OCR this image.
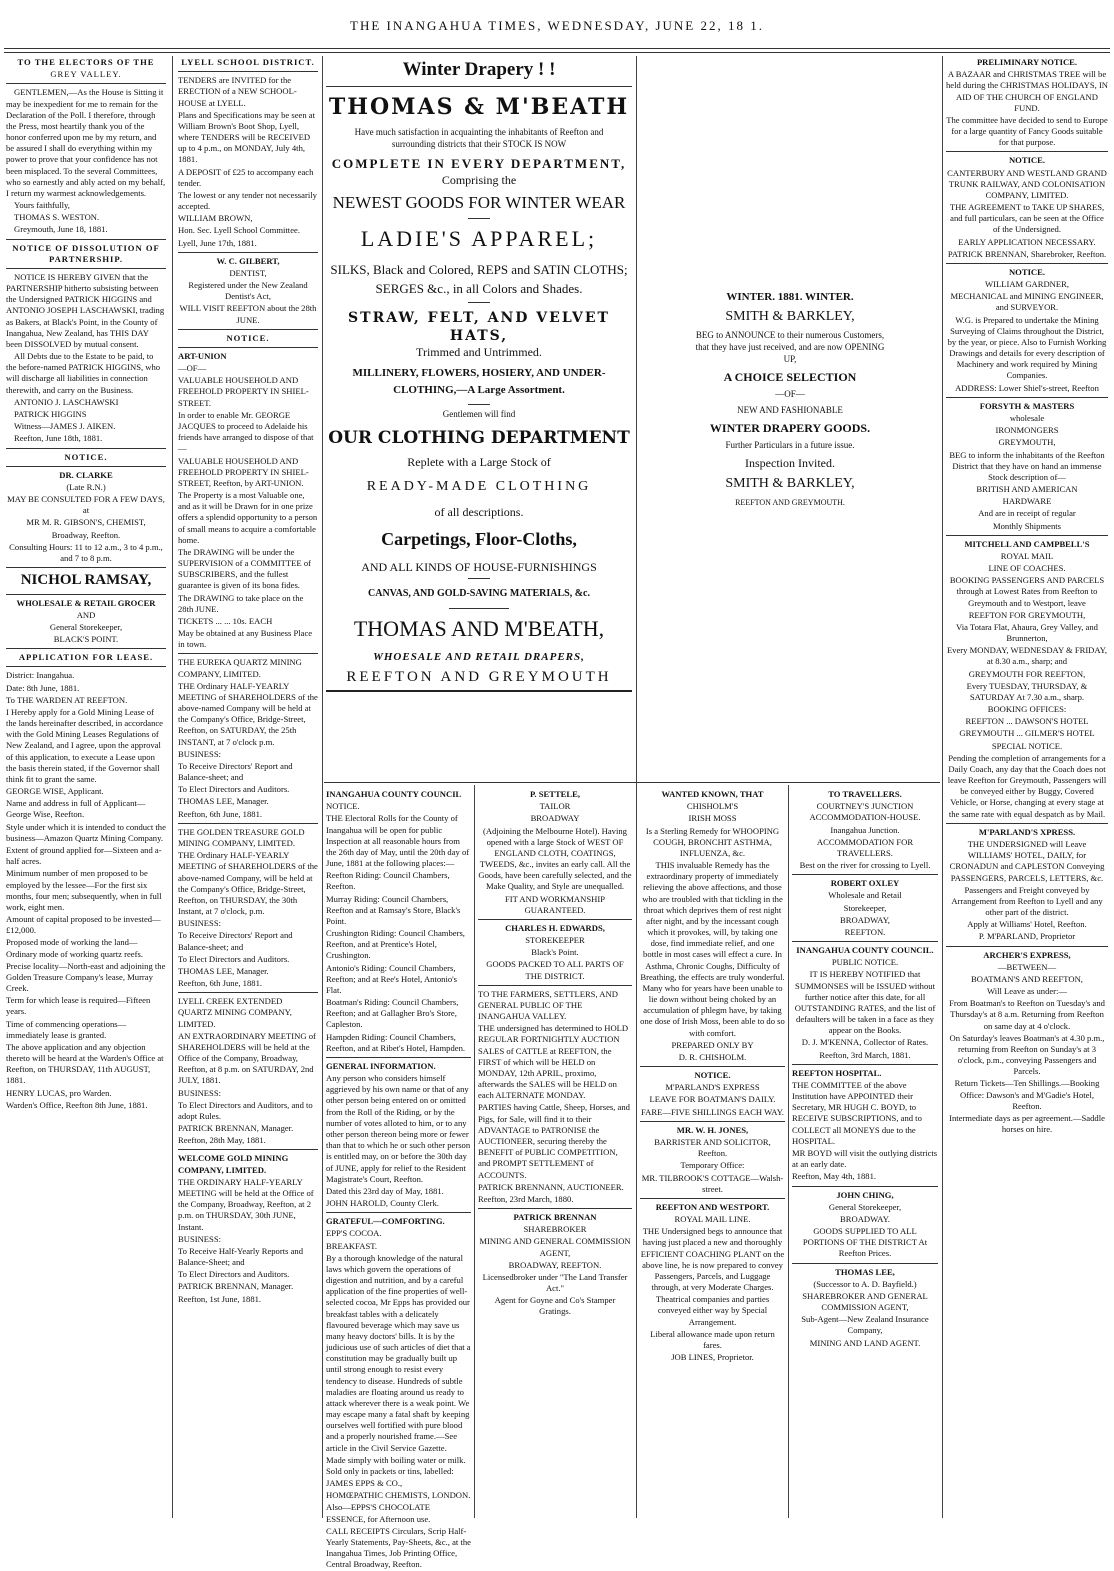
THE INANGAHUA TIMES, WEDNESDAY, JUNE 22, 18 1.

TO THE ELECTORS OF THE

GREY VALLEY.

GENTLEMEN,—As the House is Sitting it may be inexpedient for me to remain for the Declaration of the Poll. I therefore, through the Press, most heartily thank you of the honor conferred upon me by my return, and be assured I shall do everything within my power to prove that your confidence has not been misplaced. To the several Committees, who so earnestly and ably acted on my behalf, I return my warmest acknowledgements.

Yours faithfully,

THOMAS S. WESTON.

Greymouth, June 18, 1881.

NOTICE OF DISSOLUTION OF PARTNERSHIP.

NOTICE IS HEREBY GIVEN that the PARTNERSHIP hitherto subsisting between the Undersigned PATRICK HIGGINS and ANTONIO JOSEPH LASCHAWSKI, trading as Bakers, at Black's Point, in the County of Inangahua, New Zealand, has THIS DAY been DISSOLVED by mutual consent.

All Debts due to the Estate to be paid, to the before-named PATRICK HIGGINS, who will discharge all liabilities in connection therewith, and carry on the Business.

ANTONIO J. LASCHAWSKI

PATRICK HIGGINS

Witness—JAMES J. AIKEN.

Reefton, June 18th, 1881.

NOTICE.

DR. CLARKE

(Late R.N.)

MAY BE CONSULTED FOR A FEW DAYS, at

MR M. R. GIBSON'S, CHEMIST,

Broadway, Reefton.

Consulting Hours: 11 to 12 a.m., 3 to 4 p.m., and 7 to 8 p.m.

NICHOL RAMSAY,

WHOLESALE & RETAIL GROCER

AND

General Storekeeper,

BLACK'S POINT.

APPLICATION FOR LEASE.

District: Inangahua.

Date: 8th June, 1881.

To THE WARDEN AT REEFTON.

I Hereby apply for a Gold Mining Lease of the lands hereinafter described, in accordance with the Gold Mining Leases Regulations of New Zealand, and I agree, upon the approval of this application, to execute a Lease upon the basis therein stated, if the Governor shall think fit to grant the same.

GEORGE WISE, Applicant.

Name and address in full of Applicant—George Wise, Reefton.

Style under which it is intended to conduct the business—Amazon Quartz Mining Company.

Extent of ground applied for—Sixteen and a-half acres.

Minimum number of men proposed to be employed by the lessee—For the first six months, four men; subsequently, when in full work, eight men.

Amount of capital proposed to be invested—£12,000.

Proposed mode of working the land—Ordinary mode of working quartz reefs.

Precise locality—North-east and adjoining the Golden Treasure Company's lease, Murray Creek.

Term for which lease is required—Fifteen years.

Time of commencing operations—immediately lease is granted.

The above application and any objection thereto will be heard at the Warden's Office at Reefton, on THURSDAY, 11th AUGUST, 1881.

HENRY LUCAS, pro Warden.

Warden's Office, Reefton 8th June, 1881.

LYELL SCHOOL DISTRICT.

TENDERS are INVITED for the ERECTION of a NEW SCHOOL-HOUSE at LYELL.

Plans and Specifications may be seen at William Brown's Boot Shop, Lyell, where TENDERS will be RECEIVED up to 4 p.m., on MONDAY, July 4th, 1881.

A DEPOSIT of £25 to accompany each tender.

The lowest or any tender not necessarily accepted.

WILLIAM BROWN,

Hon. Sec. Lyell School Committee.

Lyell, June 17th, 1881.

W. C. GILBERT,

DENTIST,

Registered under the New Zealand Dentist's Act,

WILL VISIT REEFTON about the 28th JUNE.

NOTICE.

ART-UNION

—OF—

VALUABLE HOUSEHOLD AND FREEHOLD PROPERTY IN SHIEL-STREET.

In order to enable Mr. GEORGE JACQUES to proceed to Adelaide his friends have arranged to dispose of that—

VALUABLE HOUSEHOLD AND FREEHOLD PROPERTY IN SHIEL-STREET, Reefton, by ART-UNION.

The Property is a most Valuable one, and as it will be Drawn for in one prize offers a splendid opportunity to a person of small means to acquire a comfortable home.

The DRAWING will be under the SUPERVISION of a COMMITTEE of SUBSCRIBERS, and the fullest guarantee is given of its bona fides.

The DRAWING to take place on the 28th JUNE.

TICKETS ... ... 10s. EACH

May be obtained at any Business Place in town.

THE EUREKA QUARTZ MINING COMPANY, LIMITED.

THE Ordinary HALF-YEARLY MEETING of SHAREHOLDERS of the above-named Company will be held at the Company's Office, Bridge-Street, Reefton, on SATURDAY, the 25th INSTANT, at 7 o'clock p.m.

BUSINESS:

To Receive Directors' Report and Balance-sheet; and

To Elect Directors and Auditors.

THOMAS LEE, Manager.

Reefton, 6th June, 1881.

THE GOLDEN TREASURE GOLD MINING COMPANY, LIMITED.

THE Ordinary HALF-YEARLY MEETING of SHAREHOLDERS of the above-named Company, will be held at the Company's Office, Bridge-Street, Reefton, on THURSDAY, the 30th Instant, at 7 o'clock, p.m.

BUSINESS:

To Receive Directors' Report and Balance-sheet; and

To Elect Directors and Auditors.

THOMAS LEE, Manager.

Reefton, 6th June, 1881.

LYELL CREEK EXTENDED QUARTZ MINING COMPANY, LIMITED.

AN EXTRAORDINARY MEETING of SHAREHOLDERS will be held at the Office of the Company, Broadway, Reefton, at 8 p.m. on SATURDAY, 2nd JULY, 1881.

BUSINESS:

To Elect Directors and Auditors, and to adopt Rules.

PATRICK BRENNAN, Manager.

Reefton, 28th May, 1881.

WELCOME GOLD MINING COMPANY, LIMITED.

THE ORDINARY HALF-YEARLY MEETING will be held at the Office of the Company, Broadway, Reefton, at 2 p.m. on THURSDAY, 30th JUNE, Instant.

BUSINESS:

To Receive Half-Yearly Reports and Balance-Sheet; and

To Elect Directors and Auditors.

PATRICK BRENNAN, Manager.

Reefton, 1st June, 1881.

Winter Drapery ! !
THOMAS & M'BEATH
Have much satisfaction in acquainting the inhabitants of Reefton and surrounding districts that their STOCK IS NOW
COMPLETE IN EVERY DEPARTMENT,
Comprising the
NEWEST GOODS FOR WINTER WEAR
LADIE'S APPAREL;
SILKS, Black and Colored, REPS and SATIN CLOTHS; SERGES &c., in all Colors and Shades.
STRAW, FELT, AND VELVET HATS,
Trimmed and Untrimmed.
MILLINERY, FLOWERS, HOSIERY, AND UNDER-CLOTHING,—A Large Assortment.
Gentlemen will find
OUR CLOTHING DEPARTMENT
Replete with a Large Stock of
READY-MADE CLOTHING
of all descriptions.
Carpetings, Floor-Cloths,
AND ALL KINDS OF HOUSE-FURNISHINGS
CANVAS, AND GOLD-SAVING MATERIALS, &c.
THOMAS AND M'BEATH,
WHOESALE AND RETAIL DRAPERS,
REEFTON AND GREYMOUTH

WINTER. 1881. WINTER.

SMITH & BARKLEY,

BEG to ANNOUNCE to their numerous Customers, that they have just received, and are now OPENING UP,

A CHOICE SELECTION

—OF—

NEW AND FASHIONABLE

WINTER DRAPERY GOODS.

Further Particulars in a future issue.

Inspection Invited.

SMITH & BARKLEY,

REEFTON AND GREYMOUTH.

INANGAHUA COUNTY COUNCIL

NOTICE.

THE Electoral Rolls for the County of Inangahua will be open for public Inspection at all reasonable hours from the 26th day of May, until the 20th day of June, 1881 at the following places:—

Reefton Riding: Council Chambers, Reefton.

Murray Riding: Council Chambers, Reefton and at Ramsay's Store, Black's Point.

Crushington Riding: Council Chambers, Reefton, and at Prentice's Hotel, Crushington.

Antonio's Riding: Council Chambers, Reefton; and at Ree's Hotel, Antonio's Flat.

Boatman's Riding: Council Chambers, Reefton; and at Gallagher Bro's Store, Capleston.

Hampden Riding: Council Chambers, Reefton, and at Ribet's Hotel, Hampden.

GENERAL INFORMATION.

Any person who considers himself aggrieved by his own name or that of any other person being entered on or omitted from the Roll of the Riding, or by the number of votes alloted to him, or to any other person thereon being more or fewer than that to which he or such other person is entitled may, on or before the 30th day of JUNE, apply for relief to the Resident Magistrate's Court, Reefton.

Dated this 23rd day of May, 1881.

JOHN HAROLD, County Clerk.

GRATEFUL—COMFORTING.

EPP'S COCOA.

BREAKFAST.

By a thorough knowledge of the natural laws which govern the operations of digestion and nutrition, and by a careful application of the fine properties of well-selected cocoa, Mr Epps has provided our breakfast tables with a delicately flavoured beverage which may save us many heavy doctors' bills. It is by the judicious use of such articles of diet that a constitution may be gradually built up until strong enough to resist every tendency to disease. Hundreds of subtle maladies are floating around us ready to attack wherever there is a weak point. We may escape many a fatal shaft by keeping ourselves well fortified with pure blood and a properly nourished frame.—See article in the Civil Service Gazette.

Made simply with boiling water or milk. Sold only in packets or tins, labelled:

JAMES EPPS & CO.,

HOMŒPATHIC CHEMISTS, LONDON.

Also—EPPS'S CHOCOLATE ESSENCE, for Afternoon use.

CALL RECEIPTS Circulars, Scrip Half-Yearly Statements, Pay-Sheets, &c., at the Inangahua Times, Job Printing Office, Central Broadway, Reefton.

P. SETTELE,

TAILOR

BROADWAY

(Adjoining the Melbourne Hotel). Having opened with a large Stock of WEST OF ENGLAND CLOTH, COATINGS, TWEEDS, &c., invites an early call. All the Goods, have been carefully selected, and the Make Quality, and Style are unequalled.

FIT AND WORKMANSHIP GUARANTEED.

CHARLES H. EDWARDS,

STOREKEEPER

Black's Point.

GOODS PACKED TO ALL PARTS OF THE DISTRICT.

TO THE FARMERS, SETTLERS, AND GENERAL PUBLIC OF THE INANGAHUA VALLEY.

THE undersigned has determined to HOLD REGULAR FORTNIGHTLY AUCTION SALES of CATTLE at REEFTON, the FIRST of which will be HELD on MONDAY, 12th APRIL, proximo, afterwards the SALES will be HELD on each ALTERNATE MONDAY.

PARTIES having Cattle, Sheep, Horses, and Pigs, for Sale, will find it to their ADVANTAGE to PATRONISE the AUCTIONEER, securing thereby the BENEFIT of PUBLIC COMPETITION, and PROMPT SETTLEMENT of ACCOUNTS.

PATRICK BRENNANN, AUCTIONEER.

Reefton, 23rd March, 1880.

PATRICK BRENNAN

SHAREBROKER

MINING AND GENERAL COMMISSION AGENT,

BROADWAY, REEFTON.

Licensedbroker under "The Land Transfer Act."

Agent for Goyne and Co's Stamper Gratings.

WANTED KNOWN, THAT

CHISHOLM'S

IRISH MOSS

Is a Sterling Remedy for WHOOPING COUGH, BRONCHIT ASTHMA, INFLUENZA, &c.

THIS invaluable Remedy has the extraordinary property of immediately relieving the above affections, and those who are troubled with that tickling in the throat which deprives them of rest night after night, and by the incessant cough which it provokes, will, by taking one dose, find immediate relief, and one bottle in most cases will effect a cure. In Asthma, Chronic Coughs, Difficulty of Breathing, the effects are truly wonderful. Many who for years have been unable to lie down without being choked by an accumulation of phlegm have, by taking one dose of Irish Moss, been able to do so with comfort.

PREPARED ONLY BY

D. R. CHISHOLM.

NOTICE.

M'PARLAND'S EXPRESS

LEAVE FOR BOATMAN'S DAILY.

FARE—FIVE SHILLINGS EACH WAY.

MR. W. H. JONES,

BARRISTER AND SOLICITOR, Reefton.

Temporary Office:

MR. TILBROOK'S COTTAGE—Walsh-street.

REEFTON AND WESTPORT.

ROYAL MAIL LINE.

THE Undersigned begs to announce that having just placed a new and thoroughly EFFICIENT COACHING PLANT on the above line, he is now prepared to convey Passengers, Parcels, and Luggage through, at very Moderate Charges.

Theatrical companies and parties conveyed either way by Special Arrangement.

Liberal allowance made upon return fares.

JOB LINES, Proprietor.

TO TRAVELLERS.

COURTNEY'S JUNCTION ACCOMMODATION-HOUSE.

Inangahua Junction.

ACCOMMODATION FOR TRAVELLERS.

Best on the river for crossing to Lyell.

ROBERT OXLEY

Wholesale and Retail

Storekeeper,

BROADWAY,

REEFTON.

INANGAHUA COUNTY COUNCIL.

PUBLIC NOTICE.

IT IS HEREBY NOTIFIED that SUMMONSES will be ISSUED without further notice after this date, for all OUTSTANDING RATES, and the list of defaulters will be taken in a face as they appear on the Books.

D. J. M'KENNA, Collector of Rates.

Reefton, 3rd March, 1881.

REEFTON HOSPITAL.

THE COMMITTEE of the above Institution have APPOINTED their Secretary, MR HUGH C. BOYD, to RECEIVE SUBSCRIPTIONS, and to COLLECT all MONEYS due to the HOSPITAL.

MR BOYD will visit the outlying districts at an early date.

Reefton, May 4th, 1881.

JOHN CHING,

General Storekeeper,

BROADWAY.

GOODS SUPPLIED TO ALL PORTIONS OF THE DISTRICT At Reefton Prices.

THOMAS LEE,

(Successor to A. D. Bayfield.)

SHAREBROKER AND GENERAL COMMISSION AGENT,

Sub-Agent—New Zealand Insurance Company,

MINING AND LAND AGENT.

PRELIMINARY NOTICE.

A BAZAAR and CHRISTMAS TREE will be held during the CHRISTMAS HOLIDAYS, IN AID OF THE CHURCH OF ENGLAND FUND.

The committee have decided to send to Europe for a large quantity of Fancy Goods suitable for that purpose.

NOTICE.

CANTERBURY AND WESTLAND GRAND TRUNK RAILWAY, AND COLONISATION COMPANY, LIMITED.

THE AGREEMENT to TAKE UP SHARES, and full particulars, can be seen at the Office of the Undersigned.

EARLY APPLICATION NECESSARY.

PATRICK BRENNAN, Sharebroker, Reefton.

NOTICE.

WILLIAM GARDNER,

MECHANICAL and MINING ENGINEER, and SURVEYOR.

W.G. is Prepared to undertake the Mining Surveying of Claims throughout the District, by the year, or piece. Also to Furnish Working Drawings and details for every description of Machinery and work required by Mining Companies.

ADDRESS: Lower Shiel's-street, Reefton

FORSYTH & MASTERS

wholesale

IRONMONGERS

GREYMOUTH,

BEG to inform the inhabitants of the Reefton District that they have on hand an immense Stock description of—

BRITISH AND AMERICAN

HARDWARE

And are in receipt of regular

Monthly Shipments

MITCHELL AND CAMPBELL'S

ROYAL MAIL

LINE OF COACHES.

BOOKING PASSENGERS AND PARCELS through at Lowest Rates from Reefton to Greymouth and to Westport, leave

REEFTON FOR GREYMOUTH,

Via Totara Flat, Ahaura, Grey Valley, and Brunnerton,

Every MONDAY, WEDNESDAY & FRIDAY, at 8.30 a.m., sharp; and

GREYMOUTH FOR REEFTON,

Every TUESDAY, THURSDAY, & SATURDAY At 7.30 a.m., sharp.

BOOKING OFFICES:

REEFTON ... DAWSON'S HOTEL

GREYMOUTH ... GILMER'S HOTEL

SPECIAL NOTICE.

Pending the completion of arrangements for a Daily Coach, any day that the Coach does not leave Reefton for Greymouth, Passengers will be conveyed either by Buggy, Covered Vehicle, or Horse, changing at every stage at the same rate with equal despatch as by Mail.

M'PARLAND'S XPRESS.

THE UNDERSIGNED will Leave WILLIAMS' HOTEL, DAILY, for CRONADUN and CAPLESTON Conveying PASSENGERS, PARCELS, LETTERS, &c.

Passengers and Freight conveyed by Arrangement from Reefton to Lyell and any other part of the district.

Apply at Williams' Hotel, Reefton.

P. M'PARLAND, Proprietor

ARCHER'S EXPRESS,

—BETWEEN—

BOATMAN'S AND REEFTON,

Will Leave as under:—

From Boatman's to Reefton on Tuesday's and Thursday's at 8 a.m. Returning from Reefton on same day at 4 o'clock.

On Saturday's leaves Boatman's at 4.30 p.m., returning from Reefton on Sunday's at 3 o'clock, p.m., conveying Passengers and Parcels.

Return Tickets—Ten Shillings.—Booking Office: Dawson's and M'Gadie's Hotel, Reefton.

Intermediate days as per agreement.—Saddle horses on hire.
